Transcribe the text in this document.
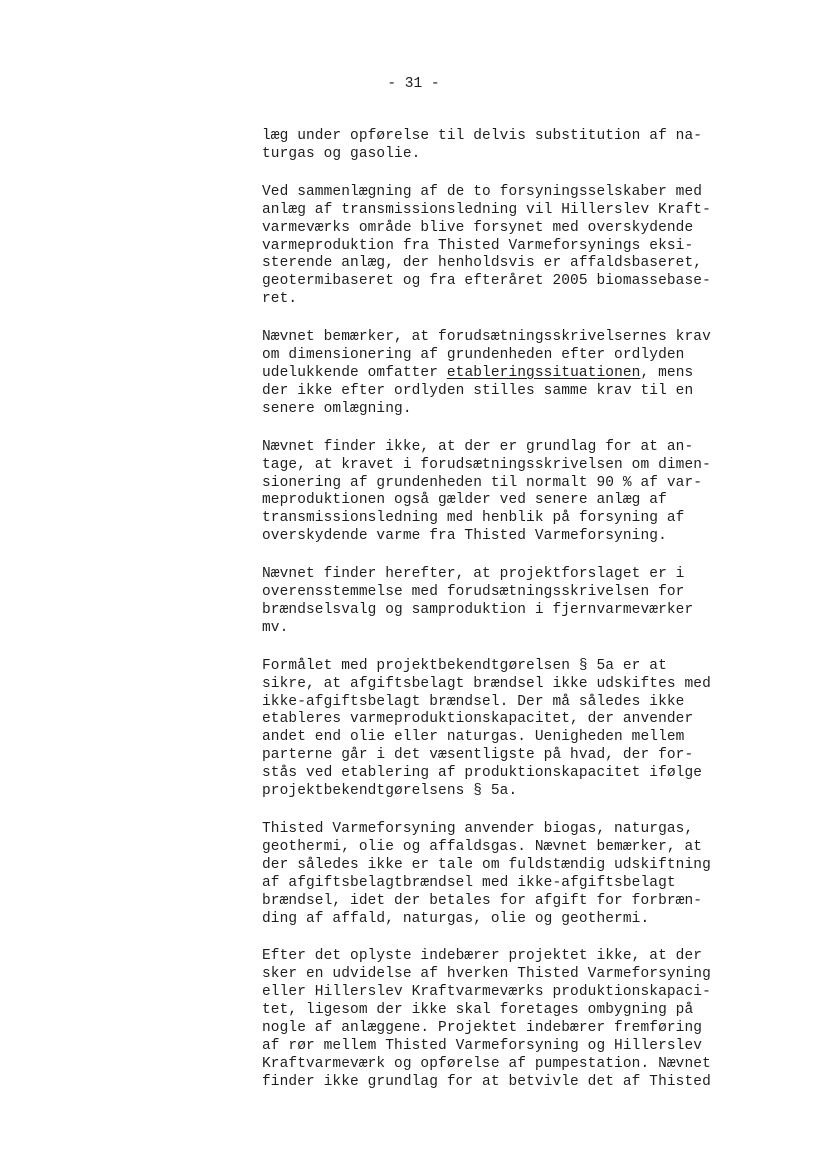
- 31 -
læg under opførelse til delvis substitution af na-
turgas og gasolie.
Ved sammenlægning af de to forsyningsselskaber med
anlæg af transmissionsledning vil Hillerslev Kraft-
varmeværks område blive forsynet med overskydende
varmeproduktion fra Thisted Varmeforsynings eksi-
sterende anlæg, der henholdsvis er affaldsbaseret,
geotermibaseret og fra efteråret 2005 biomassebase-
ret.
Nævnet bemærker, at forudsætningsskrivelsernes krav
om dimensionering af grundenheden efter ordlyden
udelukkende omfatter etableringssituationen, mens
der ikke efter ordlyden stilles samme krav til en
senere omlægning.
Nævnet finder ikke, at der er grundlag for at an-
tage, at kravet i forudsætningsskrivelsen om dimen-
sionering af grundenheden til normalt 90 % af var-
meproduktionen også gælder ved senere anlæg af
transmissionsledning med henblik på forsyning af
overskydende varme fra Thisted Varmeforsyning.
Nævnet finder herefter, at projektforslaget er i
overensstemmelse med forudsætningsskrivelsen for
brændselsvalg og samproduktion i fjernvarmeværker
mv.
Formålet med projektbekendtgørelsen § 5a er at
sikre, at afgiftsbelagt brændsel ikke udskiftes med
ikke-afgiftsbelagt brændsel. Der må således ikke
etableres varmeproduktionskapacitet, der anvender
andet end olie eller naturgas. Uenigheden mellem
parterne går i det væsentligste på hvad, der for-
stås ved etablering af produktionskapacitet ifølge
projektbekendtgørelsens § 5a.
Thisted Varmeforsyning anvender biogas, naturgas,
geothermi, olie og affaldsgas. Nævnet bemærker, at
der således ikke er tale om fuldstændig udskiftning
af afgiftsbelagtbrændsel med ikke-afgiftsbelagt
brændsel, idet der betales for afgift for forbræn-
ding af affald, naturgas, olie og geothermi.
Efter det oplyste indebærer projektet ikke, at der
sker en udvidelse af hverken Thisted Varmeforsyning
eller Hillerslev Kraftvarmeværks produktionskapaci-
tet, ligesom der ikke skal foretages ombygning på
nogle af anlæggene. Projektet indebærer fremføring
af rør mellem Thisted Varmeforsyning og Hillerslev
Kraftvarmeværk og opførelse af pumpestation. Nævnet
finder ikke grundlag for at betvivle det af Thisted
